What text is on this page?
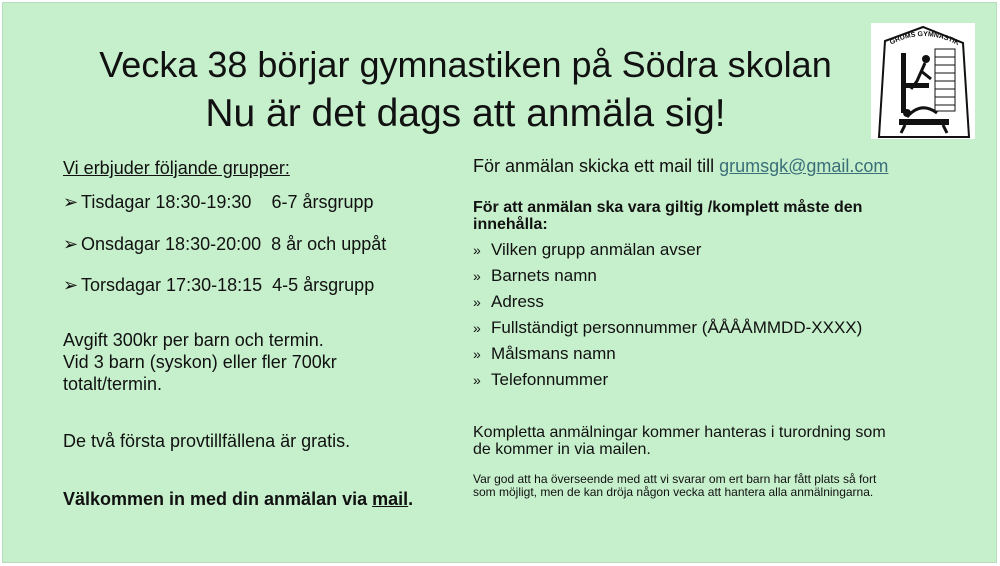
Vecka 38 börjar gymnastiken på Södra skolan
Nu är det dags att anmäla sig!
GRUMS GYMNASTIK
Vi erbjuder följande grupper:
➢ Tisdagar 18:30-19:30 6-7 årsgrupp
➢ Onsdagar 18:30-20:00 8 år och uppåt
➢ Torsdagar 17:30-18:15 4-5 årsgrupp
Avgift 300kr per barn och termin.
Vid 3 barn (syskon) eller fler 700kr
totalt/termin.
De två första provtillfällena är gratis.
Välkommen in med din anmälan via mail.
För anmälan skicka ett mail till grumsgk@gmail.com
För att anmälan ska vara giltig /komplett måste den
innehålla:
» Vilken grupp anmälan avser
» Barnets namn
» Adress
» Fullständigt personnummer (ÅÅÅÅMMDD-XXXX)
» Målsmans namn
» Telefonnummer
Kompletta anmälningar kommer hanteras i turordning som
de kommer in via mailen.
Var god att ha överseende med att vi svarar om ert barn har fått plats så fort
som möjligt, men de kan dröja någon vecka att hantera alla anmälningarna.
